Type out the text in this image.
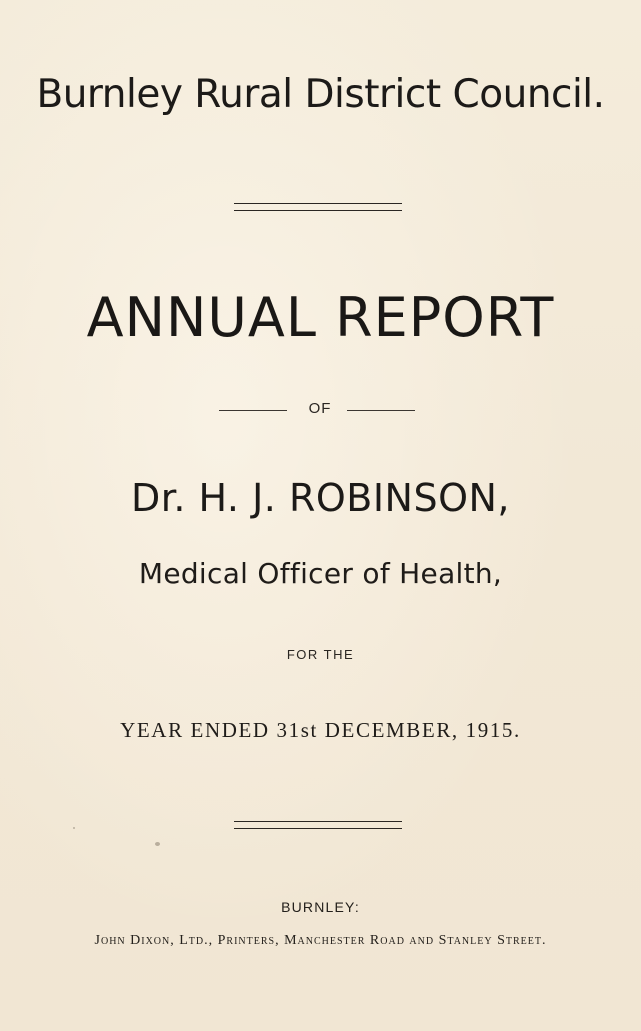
Burnley Rural District Council.
ANNUAL REPORT
OF
Dr. H. J. ROBINSON,
Medical Officer of Health,
FOR THE
YEAR ENDED 31st DECEMBER, 1915.
BURNLEY:
John Dixon, Ltd., Printers, Manchester Road and Stanley Street.
